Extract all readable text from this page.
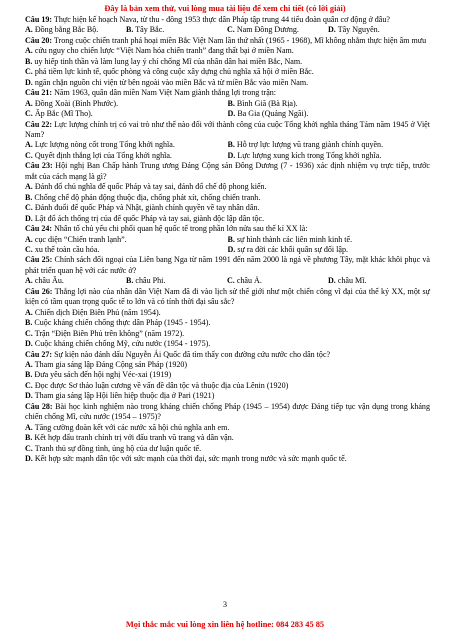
Đây là bản xem thử, vui lòng mua tài liệu để xem chi tiết (có lời giải)
Câu 19: Thực hiện kế hoạch Nava, từ thu - đông 1953 thực dân Pháp tập trung 44 tiểu đoàn quân cơ động ở đâu?
A. Đồng bằng Bắc Bộ.	B. Tây Bắc.	C. Nam Đông Dương.	D. Tây Nguyên.
Câu 20: Trong cuộc chiến tranh phá hoại miền Bắc Việt Nam lần thứ nhất (1965 - 1968), Mĩ không nhằm thực hiện âm mưu
A. cứu nguy cho chiến lược “Việt Nam hóa chiến tranh” đang thất bại ở miền Nam.
B. uy hiếp tinh thần và làm lung lay ý chí chống Mĩ của nhân dân hai miền Bắc, Nam.
C. phá tiềm lực kinh tế, quốc phòng và công cuộc xây dựng chủ nghĩa xã hội ở miền Bắc.
D. ngăn chặn nguồn chi viện từ bên ngoài vào miền Bắc và từ miền Bắc vào miền Nam.
Câu 21: Năm 1963, quân dân miền Nam Việt Nam giành thắng lợi trong trận:
A. Đồng Xoài (Bình Phước).	B. Bình Giã (Bà Rịa).
C. Ấp Bắc (Mĩ Tho).	D. Ba Gia (Quảng Ngãi).
Câu 22: Lực lượng chính trị có vai trò như thế nào đối với thành công của cuộc Tổng khởi nghĩa tháng Tám năm 1945 ở Việt Nam?
A. Lực lượng nòng cốt trong Tổng khởi nghĩa.	B. Hỗ trợ lực lượng vũ trang giành chính quyền.
C. Quyết định thắng lợi của Tổng khởi nghĩa.	D. Lực lượng xung kích trong Tổng khởi nghĩa.
Câu 23: Hội nghị Ban Chấp hành Trung ương Đảng Cộng sản Đông Dương (7 - 1936) xác định nhiệm vụ trực tiếp, trước mắt của cách mạng là gì?
A. Đánh đổ chủ nghĩa đế quốc Pháp và tay sai, đánh đổ chế độ phong kiến.
B. Chống chế độ phản động thuộc địa, chống phát xít, chống chiến tranh.
C. Đánh đuổi đế quốc Pháp và Nhật, giành chính quyền về tay nhân dân.
D. Lật đổ ách thống trị của đế quốc Pháp và tay sai, giành độc lập dân tộc.
Câu 24: Nhân tố chủ yếu chi phối quan hệ quốc tế trong phần lớn nửa sau thế kỉ XX là:
A. cục diện “Chiến tranh lạnh”.	B. sự hình thành các liên minh kinh tế.
C. xu thế toàn cầu hóa.	D. sự ra đời các khối quân sự đối lập.
Câu 25: Chính sách đối ngoại của Liên bang Nga từ năm 1991 đến năm 2000 là ngả về phương Tây, mặt khác khôi phục và phát triển quan hệ với các nước ở?
A. châu Âu.	B. châu Phi.	C. châu Á.	D. châu Mĩ.
Câu 26: Thắng lợi nào của nhân dân Việt Nam đã đi vào lịch sử thế giới như một chiến công vĩ đại của thế kỷ XX, một sự kiện có tầm quan trọng quốc tế to lớn và có tính thời đại sâu sắc?
A. Chiến dịch Điện Biên Phủ (năm 1954).
B. Cuộc kháng chiến chống thực dân Pháp (1945 - 1954).
C. Trận “Điện Biên Phủ trên không” (năm 1972).
D. Cuộc kháng chiến chống Mỹ, cứu nước (1954 - 1975).
Câu 27: Sự kiện nào đánh dấu Nguyễn Ái Quốc đã tìm thấy con đường cứu nước cho dân tộc?
A. Tham gia sáng lập Đảng Cộng sản Pháp (1920)
B. Đưa yêu sách đến hội nghị Véc-xai (1919)
C. Đọc được Sơ thảo luận cương về vấn đề dân tộc và thuộc địa của Lênin (1920)
D. Tham gia sáng lập Hội liên hiệp thuộc địa ở Pari (1921)
Câu 28: Bài học kinh nghiệm nào trong kháng chiến chống Pháp (1945 – 1954) được Đảng tiếp tục vận dụng trong kháng chiến chống Mĩ, cứu nước (1954 – 1975)?
A. Tăng cường đoàn kết với các nước xã hội chủ nghĩa anh em.
B. Kết hợp đấu tranh chính trị với đấu tranh vũ trang và dân vận.
C. Tranh thủ sự đồng tình, ủng hộ của dư luận quốc tế.
D. Kết hợp sức mạnh dân tộc với sức mạnh của thời đại, sức mạnh trong nước và sức mạnh quốc tế.
3
Mọi thắc mắc vui lòng xin liên hệ hotline: 084 283 45 85
